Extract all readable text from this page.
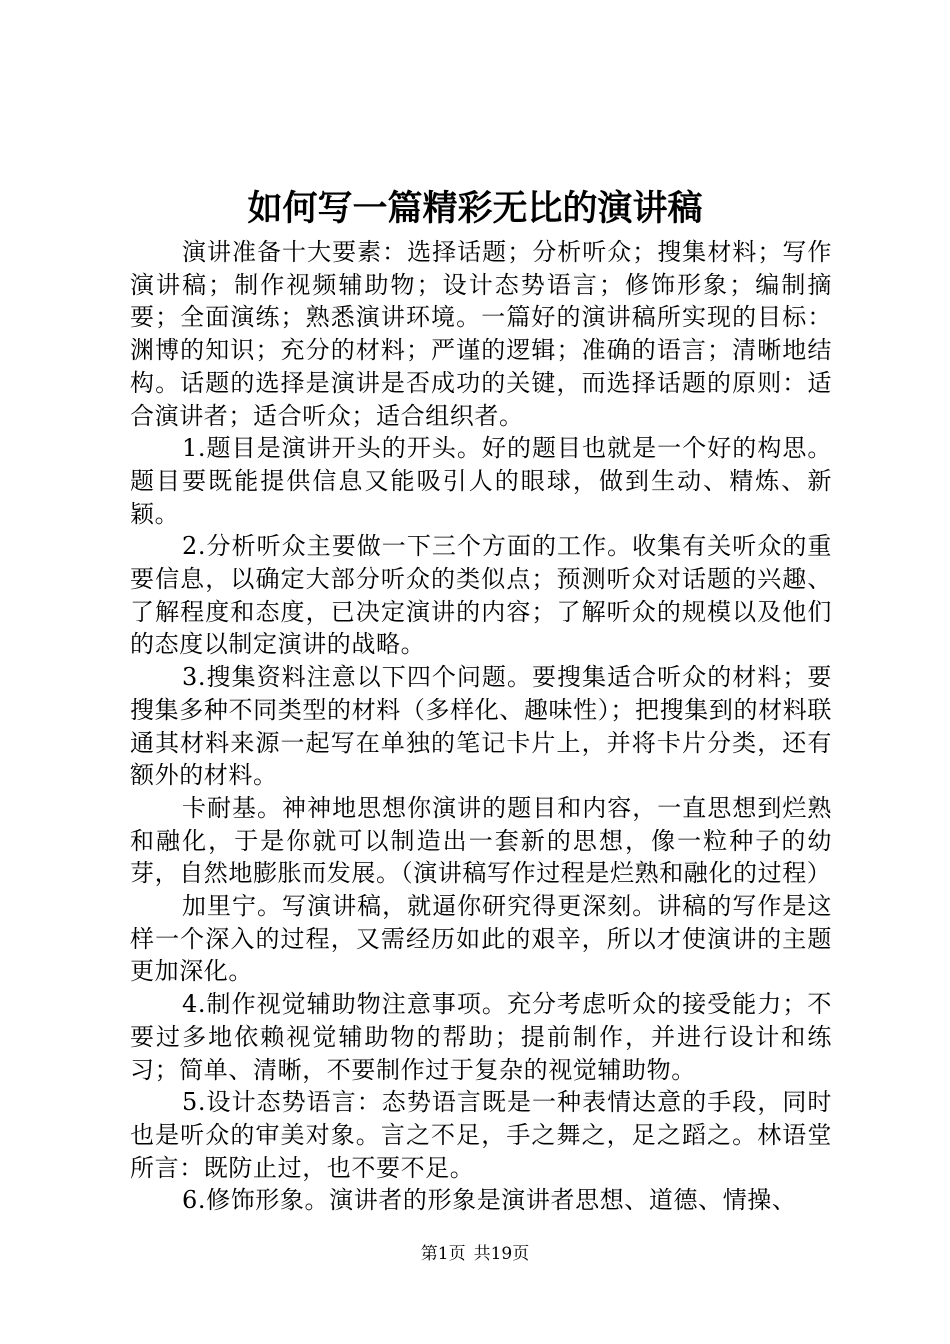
如何写一篇精彩无比的演讲稿

演讲准备十大要素：选择话题；分析听众；搜集材料；写作演讲稿；制作视频辅助物；设计态势语言；修饰形象；编制摘要；全面演练；熟悉演讲环境。一篇好的演讲稿所实现的目标：渊博的知识；充分的材料；严谨的逻辑；准确的语言；清晰地结构。话题的选择是演讲是否成功的关键，而选择话题的原则：适合演讲者；适合听众；适合组织者。

1.题目是演讲开头的开头。好的题目也就是一个好的构思。题目要既能提供信息又能吸引人的眼球，做到生动、精炼、新颖。

2.分析听众主要做一下三个方面的工作。收集有关听众的重要信息，以确定大部分听众的类似点；预测听众对话题的兴趣、了解程度和态度，已决定演讲的内容；了解听众的规模以及他们的态度以制定演讲的战略。

3.搜集资料注意以下四个问题。要搜集适合听众的材料；要搜集多种不同类型的材料（多样化、趣味性）；把搜集到的材料联通其材料来源一起写在单独的笔记卡片上，并将卡片分类，还有额外的材料。

卡耐基。神神地思想你演讲的题目和内容，一直思想到烂熟和融化，于是你就可以制造出一套新的思想，像一粒种子的幼芽，自然地膨胀而发展。（演讲稿写作过程是烂熟和融化的过程）

加里宁。写演讲稿，就逼你研究得更深刻。讲稿的写作是这样一个深入的过程，又需经历如此的艰辛，所以才使演讲的主题更加深化。

4.制作视觉辅助物注意事项。充分考虑听众的接受能力；不要过多地依赖视觉辅助物的帮助；提前制作，并进行设计和练习；简单、清晰，不要制作过于复杂的视觉辅助物。

5.设计态势语言：态势语言既是一种表情达意的手段，同时也是听众的审美对象。言之不足，手之舞之，足之蹈之。林语堂所言：既防止过，也不要不足。

6.修饰形象。演讲者的形象是演讲者思想、道德、情操、

第1页 共19页
